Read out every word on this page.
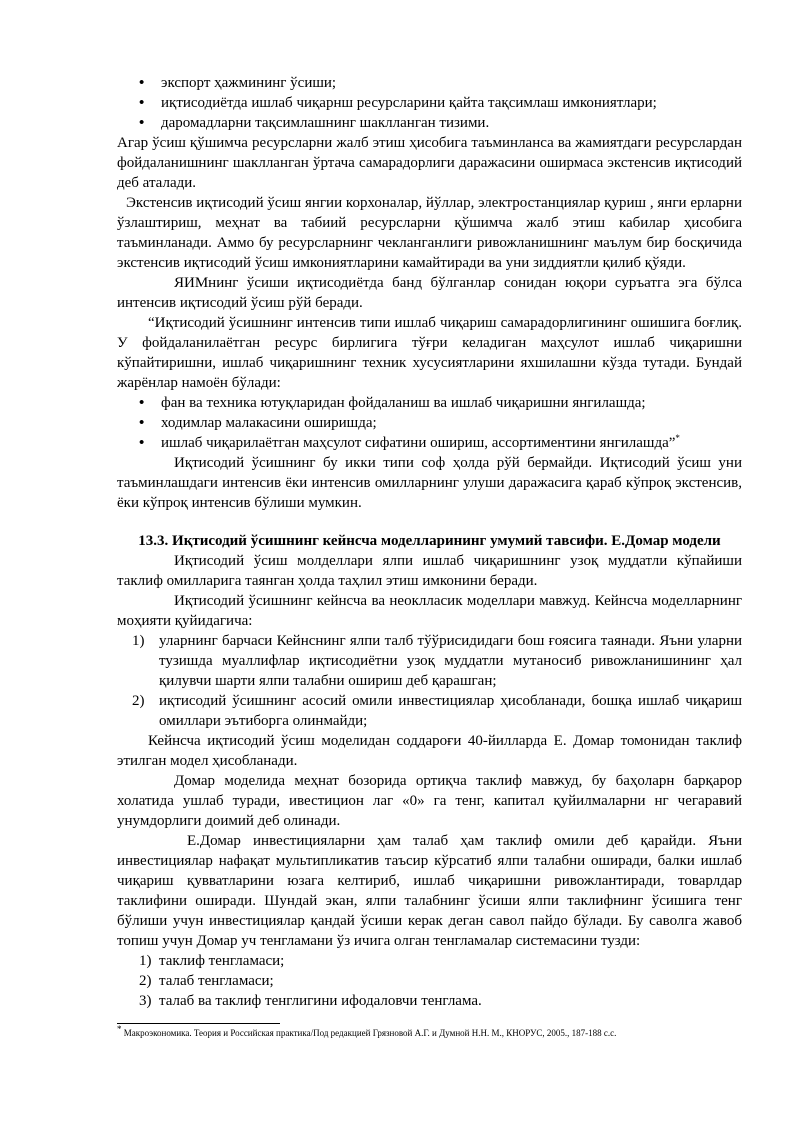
•
экспорт ҳажмининг ўсиши;
•
иқтисодиётда ишлаб чиқарнш ресурсларини қайта тақсимлаш имкониятлари;
•
даромадларни тақсимлашнинг шаклланган тизими.

Агар ўсиш қўшимча ресурсларни жалб этиш ҳисобига таъминланса ва жамиятдаги ресурслардан фойдаланишнинг шаклланган ўртача самарадорлиги даражасини оширмаса экстенсив иқтисодий деб аталади.

Экстенсив иқтисодий ўсиш янгии корхоналар, йўллар, электростанциялар қуриш , янги ерларни ўзлаштириш, меҳнат ва табиий ресурсларни қўшимча жалб этиш кабилар ҳисобига таъминланади. Аммо бу ресурсларнинг чекланганлиги ривожланишнинг маълум бир босқичида экстенсив иқтисодий ўсиш имкониятларини камайтиради ва уни зиддиятли қилиб қўяди.

ЯИМнинг ўсиши иқтисодиётда банд бўлганлар сонидан юқори суръатга эга бўлса интенсив иқтисодий ўсиш рўй беради.

“Иқтисодий ўсишнинг интенсив типи ишлаб чиқариш самарадорлигининг ошишига боғлиқ. У фойдаланилаётган ресурс бирлигига тўғри келадиган маҳсулот ишлаб чиқаришни кўпайтиришни, ишлаб чиқаришнинг техник хусусиятларини яхшилашни кўзда тутади. Бундай жарёнлар намоён бўлади:

•
фан ва техника ютуқларидан фойдаланиш ва ишлаб чиқаришни янгилашда;
•
ходимлар малакасини оширишда;
•
ишлаб чиқарилаётган маҳсулот сифатини ошириш, ассортиментини янгилашда”*

Иқтисодий ўсишнинг бу икки типи соф ҳолда рўй бермайди. Иқтисодий ўсиш уни таъминлашдаги интенсив ёки интенсив омилларнинг улуши даражасига қараб кўпроқ экстенсив, ёки кўпроқ интенсив бўлиши мумкин.

13.3. Иқтисодий ўсишнинг кейнсча моделларининг умумий тавсифи. Е.Домар модели

Иқтисодий ўсиш молделлари ялпи ишлаб чиқаришнинг узоқ муддатли кўпайиши таклиф омилларига таянган ҳолда таҳлил этиш имконини беради.

Иқтисодий ўсишнинг кейнсча ва неоклласик моделлари мавжуд. Кейнсча моделларнинг моҳияти қуйидагича:

1) уларнинг барчаси Кейнснинг ялпи талб тўўрисидидаги бош ғоясига таянади. Яъни уларни тузишда муаллифлар иқтисодиётни узоқ муддатли мутаносиб ривожланишининг ҳал қилувчи шарти ялпи талабни ошириш деб қарашган;
2) иқтисодий ўсишнинг асосий омили инвестициялар ҳисобланади, бошқа ишлаб чиқариш омиллари эътиборга олинмайди;

Кейнсча иқтисодий ўсиш моделидан соддароғи 40-йилларда Е. Домар томонидан таклиф этилган модел ҳисобланади.

Домар моделида меҳнат бозорида ортиқча таклиф мавжуд, бу баҳоларн барқарор холатида ушлаб туради, ивестицион лаг «0» га тенг, капитал қуйилмаларни нг чегаравий унумдорлиги доимий деб олинади.

Е.Домар инвестицияларни ҳам талаб ҳам таклиф омили деб қарайди. Яъни инвестициялар нафақат мультипликатив таъсир кўрсатиб ялпи талабни оширади, балки ишлаб чиқариш қувватларини юзага келтириб, ишлаб чиқаришни ривожлантиради, товарлдар таклифини оширади. Шундай экан, ялпи талабнинг ўсиши ялпи таклифнинг ўсишига тенг бўлиши учун инвестициялар қандай ўсиши керак деган савол пайдо бўлади. Бу саволга жавоб топиш учун Домар уч тенгламани ўз ичига олган тенгламалар системасини тузди:

1) таклиф тенгламаси;
2) талаб тенгламаси;
3) талаб ва таклиф тенглигини ифодаловчи тенглама.
* Макроэкономика. Теория и Российская практика/Под редакцией Грязновой А.Г. и Думной Н.Н. М., КНОРУС, 2005., 187-188 с.с.
